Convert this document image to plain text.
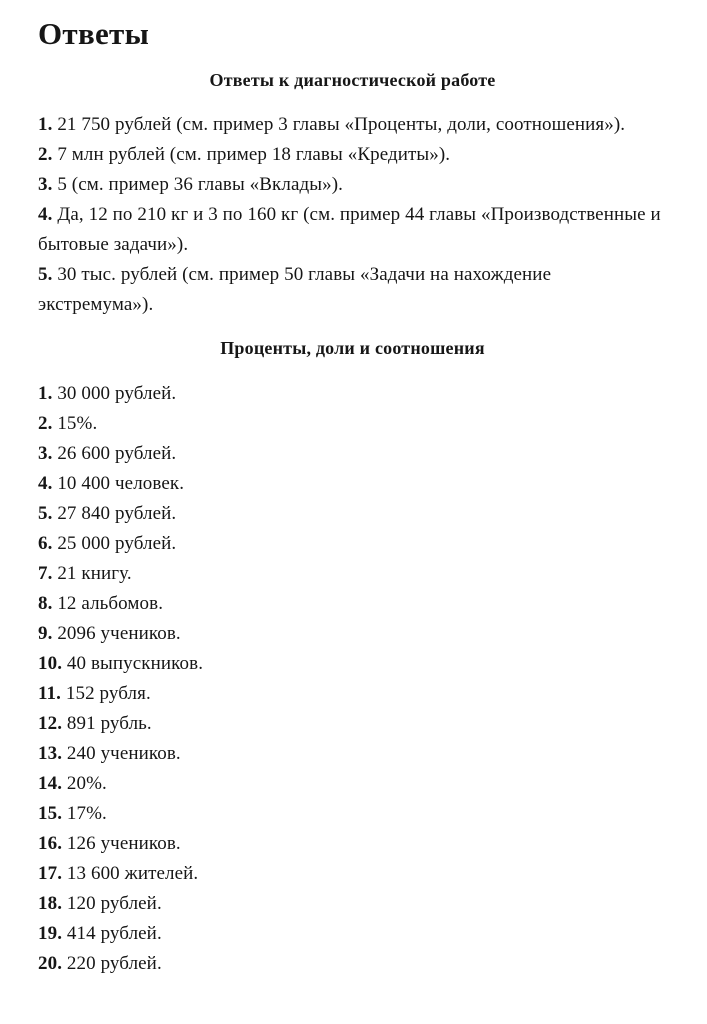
Ответы
Ответы к диагностической работе

1. 21 750 рублей (см. пример 3 главы «Проценты, доли, соотношения»).

2. 7 млн рублей (см. пример 18 главы «Кредиты»).

3. 5 (см. пример 36 главы «Вклады»).

4. Да, 12 по 210 кг и 3 по 160 кг (см. пример 44 главы «Производственные и бытовые задачи»).

5. 30 тыс. рублей (см. пример 50 главы «Задачи на нахождение экстремума»).

Проценты, доли и соотношения

1. 30 000 рублей.

2. 15%.

3. 26 600 рублей.

4. 10 400 человек.

5. 27 840 рублей.

6. 25 000 рублей.

7. 21 книгу.

8. 12 альбомов.

9. 2096 учеников.

10. 40 выпускников.

11. 152 рубля.

12. 891 рубль.

13. 240 учеников.

14. 20%.

15. 17%.

16. 126 учеников.

17. 13 600 жителей.

18. 120 рублей.

19. 414 рублей.

20. 220 рублей.
